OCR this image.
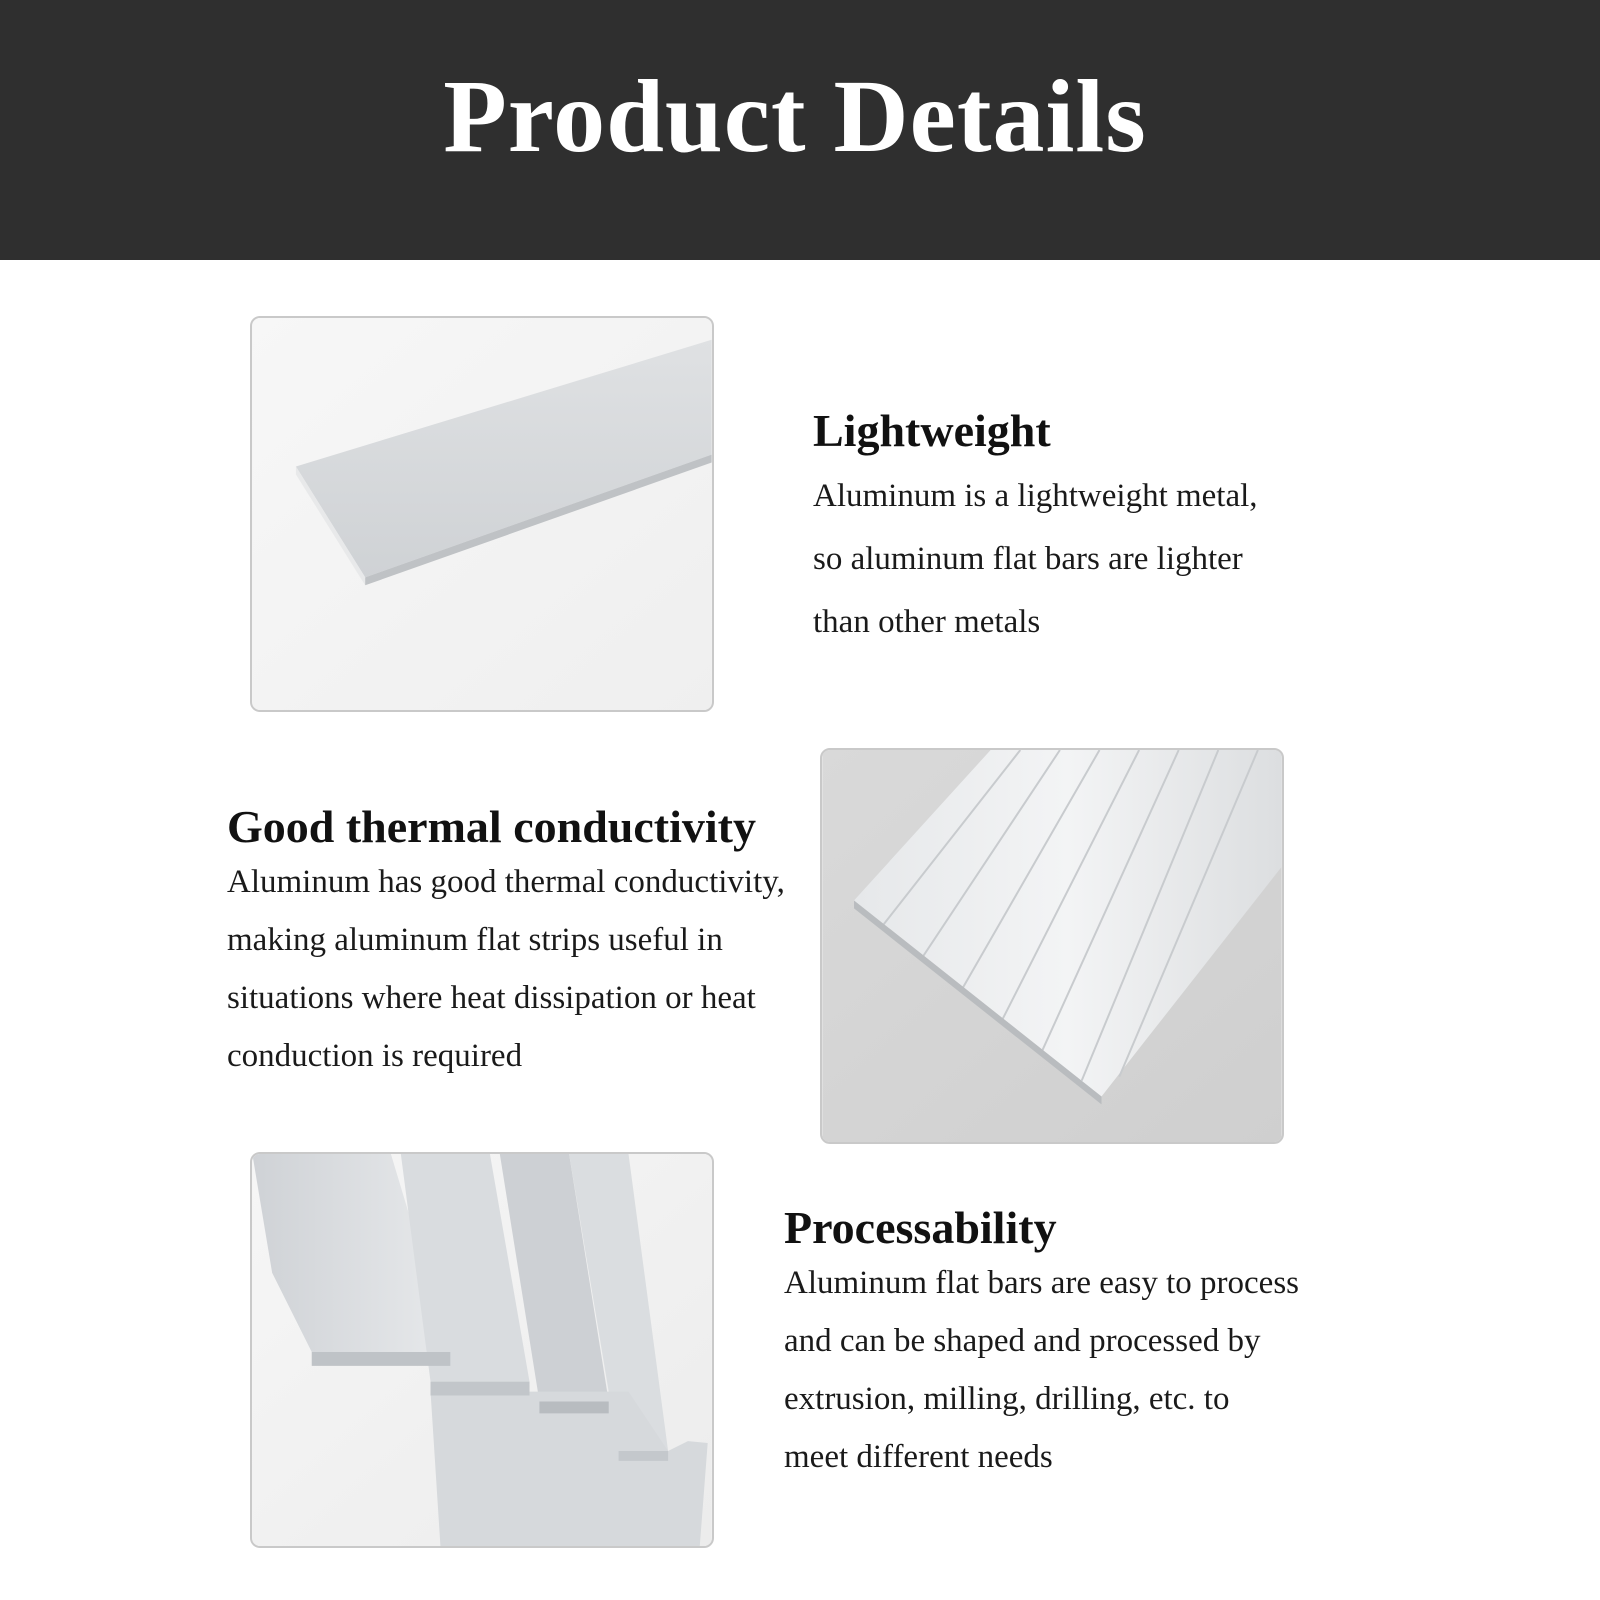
Product Details
Lightweight

Aluminum is a lightweight metal,
so aluminum flat bars are lighter
than other metals

Good thermal conductivity

Aluminum has good thermal conductivity,
making aluminum flat strips useful in
situations where heat dissipation or heat
conduction is required

Processability

Aluminum flat bars are easy to process
and can be shaped and processed by
extrusion, milling, drilling, etc. to
meet different needs
